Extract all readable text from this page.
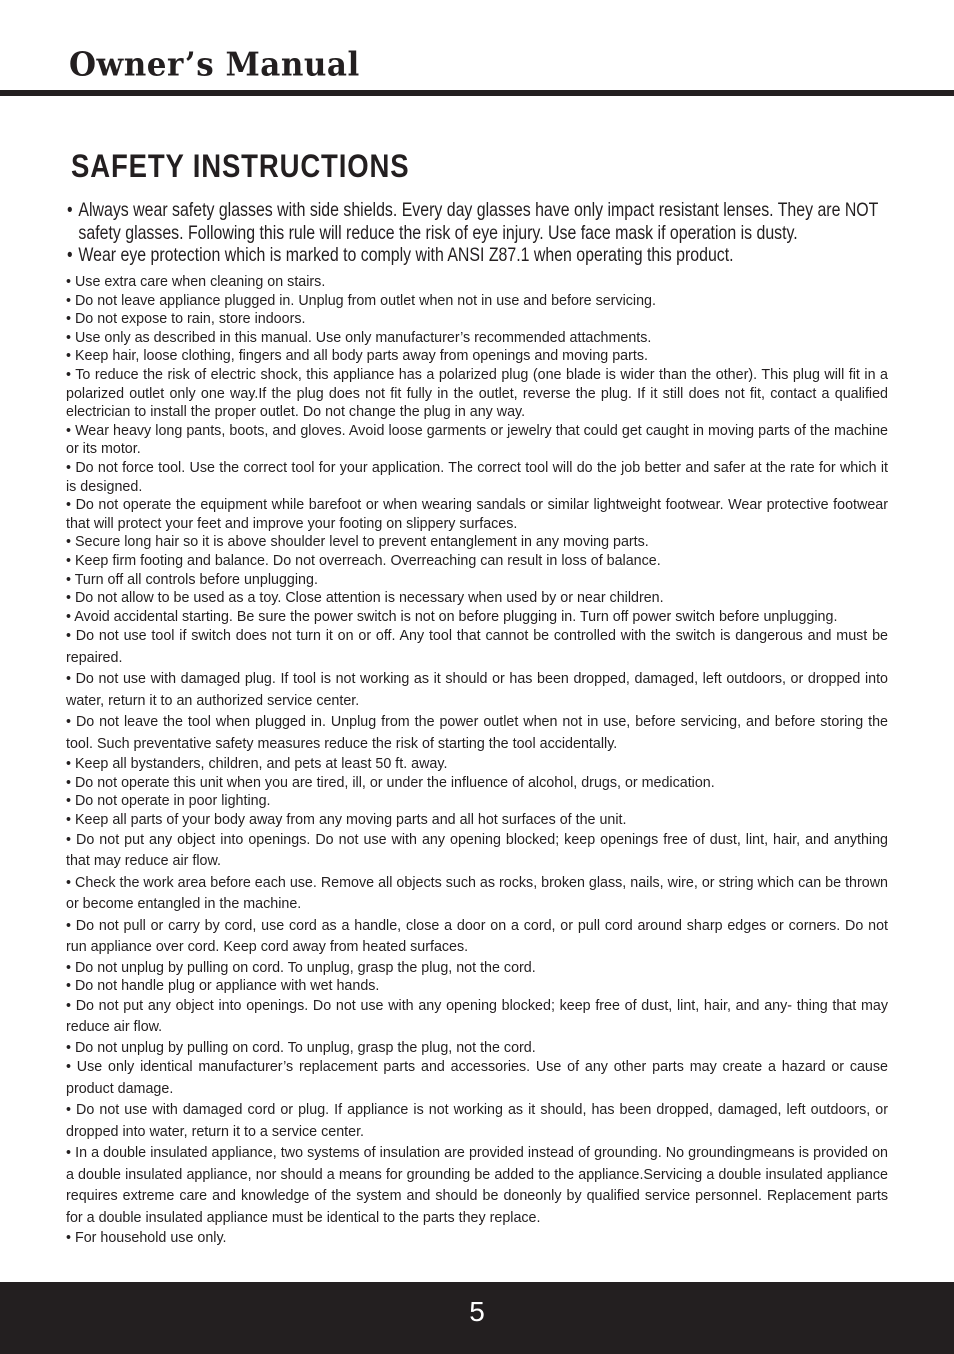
Owner’s Manual
SAFETY INSTRUCTIONS
• Always wear safety glasses with side shields. Every day glasses have only impact resistant lenses. They are NOT safety glasses. Following this rule will reduce the risk of eye injury. Use face mask if operation is dusty.
• Wear eye protection which is marked to comply with ANSI Z87.1 when operating this product.

• Use extra care when cleaning on stairs.

• Do not leave appliance plugged in. Unplug from outlet when not in use and before servicing.

• Do not expose to rain, store indoors.

• Use only as described in this manual. Use only manufacturer’s recommended attachments.

• Keep hair, loose clothing, fingers and all body parts away from openings and moving parts.

• To reduce the risk of electric shock, this appliance has a polarized plug (one blade is wider than the other). This plug will fit in a polarized outlet only one way.If the plug does not fit fully in the outlet, reverse the plug. If it still does not fit, contact a qualified electrician to install the proper outlet. Do not change the plug in any way.

• Wear heavy long pants, boots, and gloves. Avoid loose garments or jewelry that could get caught in moving parts of the machine or its motor.

• Do not force tool. Use the correct tool for your application. The correct tool will do the job better and safer at the rate for which it is designed.

• Do not operate the equipment while barefoot or when wearing sandals or similar lightweight footwear. Wear protective footwear that will protect your feet and improve your footing on slippery surfaces.

• Secure long hair so it is above shoulder level to prevent entanglement in any moving parts.

• Keep firm footing and balance. Do not overreach. Overreaching can result in loss of balance.

• Turn off all controls before unplugging.

• Do not allow to be used as a toy. Close attention is necessary when used by or near children.

• Avoid accidental starting. Be sure the power switch is not on before plugging in. Turn off power switch before unplugging.

• Do not use tool if switch does not turn it on or off. Any tool that cannot be controlled with the switch is dangerous and must be repaired.

• Do not use with damaged plug. If tool is not working as it should or has been dropped, damaged, left outdoors, or dropped into water, return it to an authorized service center.

• Do not leave the tool when plugged in. Unplug from the power outlet when not in use, before servicing, and before storing the tool. Such preventative safety measures reduce the risk of starting the tool accidentally.

• Keep all bystanders, children, and pets at least 50 ft. away.

• Do not operate this unit when you are tired, ill, or under the influence of alcohol, drugs, or medication.

• Do not operate in poor lighting.

• Keep all parts of your body away from any moving parts and all hot surfaces of the unit.

• Do not put any object into openings. Do not use with any opening blocked; keep openings free of dust, lint, hair, and anything that may reduce air flow.

• Check the work area before each use. Remove all objects such as rocks, broken glass, nails, wire, or string which can be thrown or become entangled in the machine.

• Do not pull or carry by cord, use cord as a handle, close a door on a cord, or pull cord around sharp edges or corners. Do not run appliance over cord. Keep cord away from heated surfaces.

• Do not unplug by pulling on cord. To unplug, grasp the plug, not the cord.

• Do not handle plug or appliance with wet hands.

• Do not put any object into openings. Do not use with any opening blocked; keep free of dust, lint, hair, and any- thing that may reduce air flow.

• Do not unplug by pulling on cord. To unplug, grasp the plug, not the cord.

• Use only identical manufacturer’s replacement parts and accessories. Use of any other parts may create a hazard or cause product damage.

• Do not use with damaged cord or plug. If appliance is not working as it should, has been dropped, damaged, left outdoors, or dropped into water, return it to a service center.

• In a double insulated appliance, two systems of insulation are provided instead of grounding. No groundingmeans is provided on a double insulated appliance, nor should a means for grounding be added to the appliance.Servicing a double insulated appliance requires extreme care and knowledge of the system and should be doneonly by qualified service personnel. Replacement parts for a double insulated appliance must be identical to the parts they replace.

• For household use only.

5
